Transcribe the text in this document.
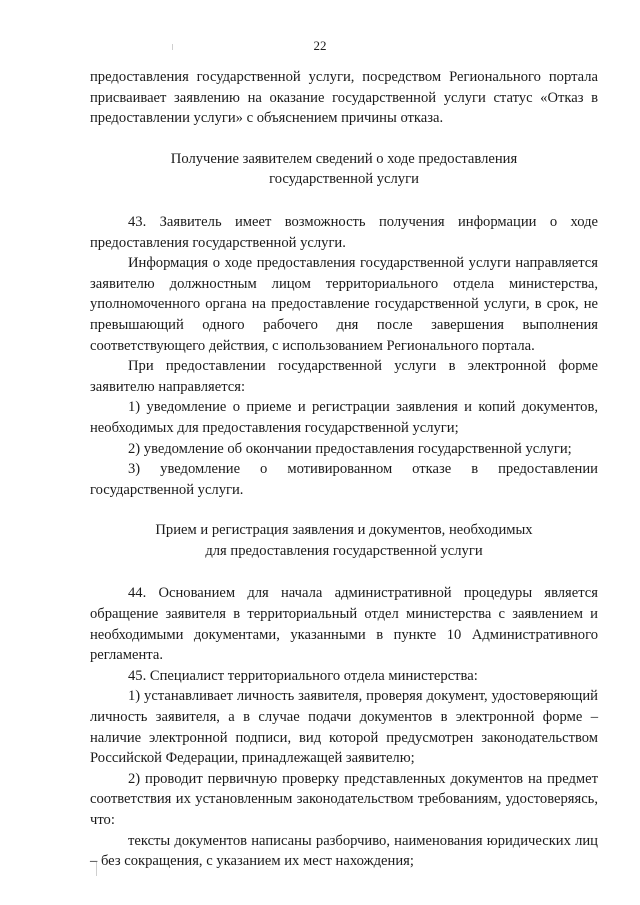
22

предоставления государственной услуги, посредством Регионального портала присваивает заявлению на оказание государственной услуги статус «Отказ в предоставлении услуги» с объяснением причины отказа.

Получение заявителем сведений о ходе предоставления
государственной услуги

43. Заявитель имеет возможность получения информации о ходе предоставления государственной услуги.

Информация о ходе предоставления государственной услуги направляется заявителю должностным лицом территориального отдела министерства, уполномоченного органа на предоставление государственной услуги, в срок, не превышающий одного рабочего дня после завершения выполнения соответствующего действия, с использованием Регионального портала.

При предоставлении государственной услуги в электронной форме заявителю направляется:

1) уведомление о приеме и регистрации заявления и копий документов, необходимых для предоставления государственной услуги;

2) уведомление об окончании предоставления государственной услуги;

3) уведомление о мотивированном отказе в предоставлении государственной услуги.

Прием и регистрация заявления и документов, необходимых
для предоставления государственной услуги

44. Основанием для начала административной процедуры является обращение заявителя в территориальный отдел министерства с заявлением и необходимыми документами, указанными в пункте 10 Административного регламента.

45. Специалист территориального отдела министерства:

1) устанавливает личность заявителя, проверяя документ, удостоверяющий личность заявителя, а в случае подачи документов в электронной форме – наличие электронной подписи, вид которой предусмотрен законодательством Российской Федерации, принадлежащей заявителю;

2) проводит первичную проверку представленных документов на предмет соответствия их установленным законодательством требованиям, удостоверяясь, что:

тексты документов написаны разборчиво, наименования юридических лиц – без сокращения, с указанием их мест нахождения;
